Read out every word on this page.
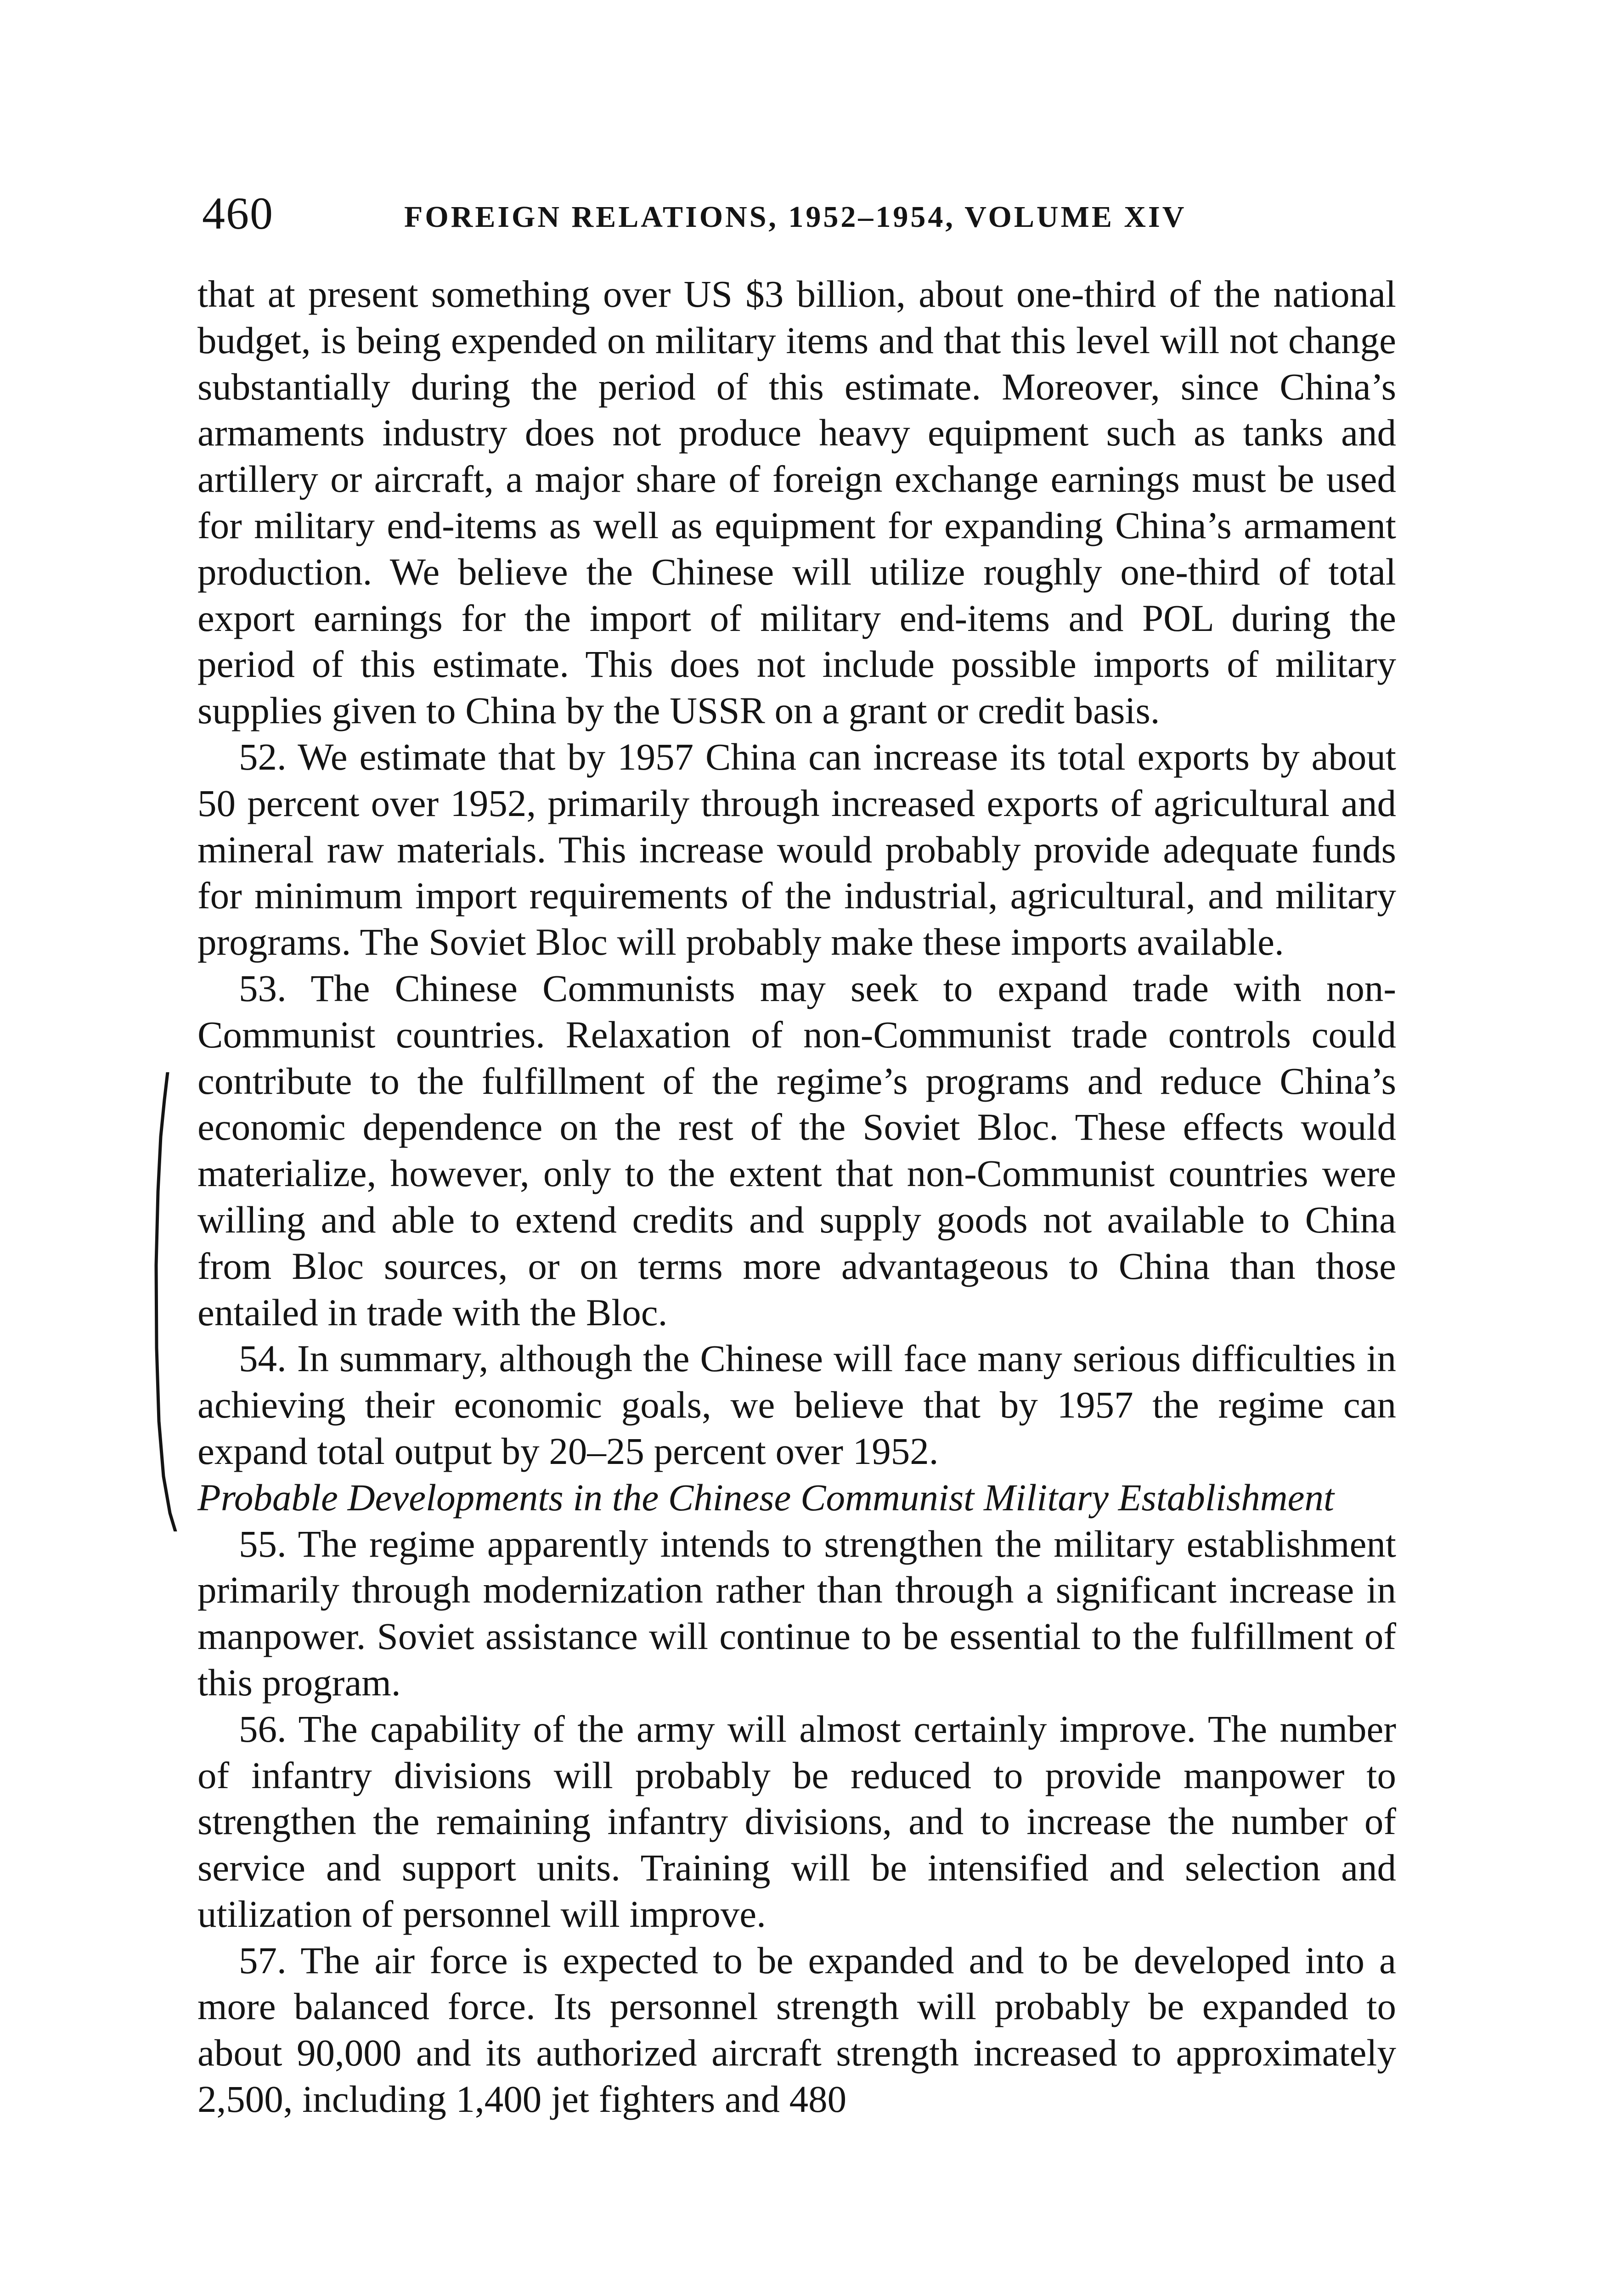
460	FOREIGN RELATIONS, 1952–1954, VOLUME XIV

that at present something over US $3 billion, about one-third of the national budget, is being expended on military items and that this level will not change substantially during the period of this estimate. Moreover, since China’s armaments industry does not produce heavy equipment such as tanks and artillery or aircraft, a major share of foreign exchange earnings must be used for military end-items as well as equipment for expanding China’s armament production. We believe the Chinese will utilize roughly one-third of total export earnings for the import of military end-items and POL during the period of this estimate. This does not include possible imports of military supplies given to China by the USSR on a grant or credit basis.

52. We estimate that by 1957 China can increase its total exports by about 50 percent over 1952, primarily through increased exports of agricultural and mineral raw materials. This increase would probably provide adequate funds for minimum import requirements of the industrial, agricultural, and military programs. The Soviet Bloc will probably make these imports available.

53. The Chinese Communists may seek to expand trade with non-Communist countries. Relaxation of non-Communist trade controls could contribute to the fulfillment of the regime’s programs and reduce China’s economic dependence on the rest of the Soviet Bloc. These effects would materialize, however, only to the extent that non-Communist countries were willing and able to extend credits and supply goods not available to China from Bloc sources, or on terms more advantageous to China than those entailed in trade with the Bloc.

54. In summary, although the Chinese will face many serious difficulties in achieving their economic goals, we believe that by 1957 the regime can expand total output by 20–25 percent over 1952.

Probable Developments in the Chinese Communist Military Establishment

55. The regime apparently intends to strengthen the military establishment primarily through modernization rather than through a significant increase in manpower. Soviet assistance will continue to be essential to the fulfillment of this program.

56. The capability of the army will almost certainly improve. The number of infantry divisions will probably be reduced to provide manpower to strengthen the remaining infantry divisions, and to increase the number of service and support units. Training will be intensified and selection and utilization of personnel will improve.

57. The air force is expected to be expanded and to be developed into a more balanced force. Its personnel strength will probably be expanded to about 90,000 and its authorized aircraft strength increased to approximately 2,500, including 1,400 jet fighters and 480
